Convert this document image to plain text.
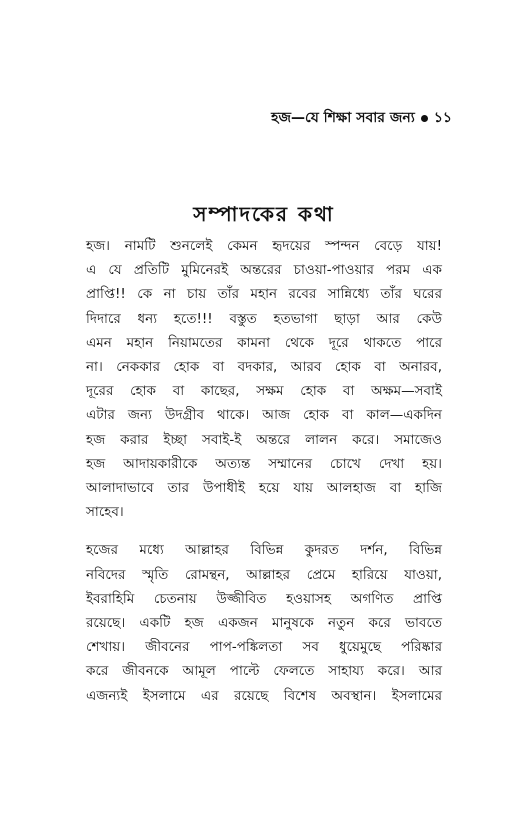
হজ—যে শিক্ষা সবার জন্য ১১
সম্পাদকের কথা
হজ। নামটি শুনলেই কেমন হৃদয়ের স্পন্দন বেড়ে যায়!
এ যে প্রতিটি মুমিনেরই অন্তরের চাওয়া-পাওয়ার পরম এক
প্রাপ্তি!! কে না চায় তাঁর মহান রবের সান্নিধ্যে তাঁর ঘরের
দিদারে ধন্য হতে!!! বস্তুত হতভাগা ছাড়া আর কেউ
এমন মহান নিয়ামতের কামনা থেকে দূরে থাকতে পারে
না। নেককার হোক বা বদকার, আরব হোক বা অনারব,
দূরের হোক বা কাছের, সক্ষম হোক বা অক্ষম—সবাই
এটার জন্য উদগ্রীব থাকে। আজ হোক বা কাল—একদিন
হজ করার ইচ্ছা সবাই-ই অন্তরে লালন করে। সমাজেও
হজ আদায়কারীকে অত্যন্ত সম্মানের চোখে দেখা হয়।
আলাদাভাবে তার উপাধীই হয়ে যায় আলহাজ বা হাজি
সাহেব।
হজের মধ্যে আল্লাহর বিভিন্ন কুদরত দর্শন, বিভিন্ন
নবিদের স্মৃতি রোমন্থন, আল্লাহর প্রেমে হারিয়ে যাওয়া,
ইবরাহিমি চেতনায় উজ্জীবিত হওয়াসহ অগণিত প্রাপ্তি
রয়েছে। একটি হজ একজন মানুষকে নতুন করে ভাবতে
শেখায়। জীবনের পাপ-পঙ্কিলতা সব ধুয়েমুছে পরিষ্কার
করে জীবনকে আমূল পাল্টে ফেলতে সাহায্য করে। আর
এজন্যই ইসলামে এর রয়েছে বিশেষ অবস্থান। ইসলামের
